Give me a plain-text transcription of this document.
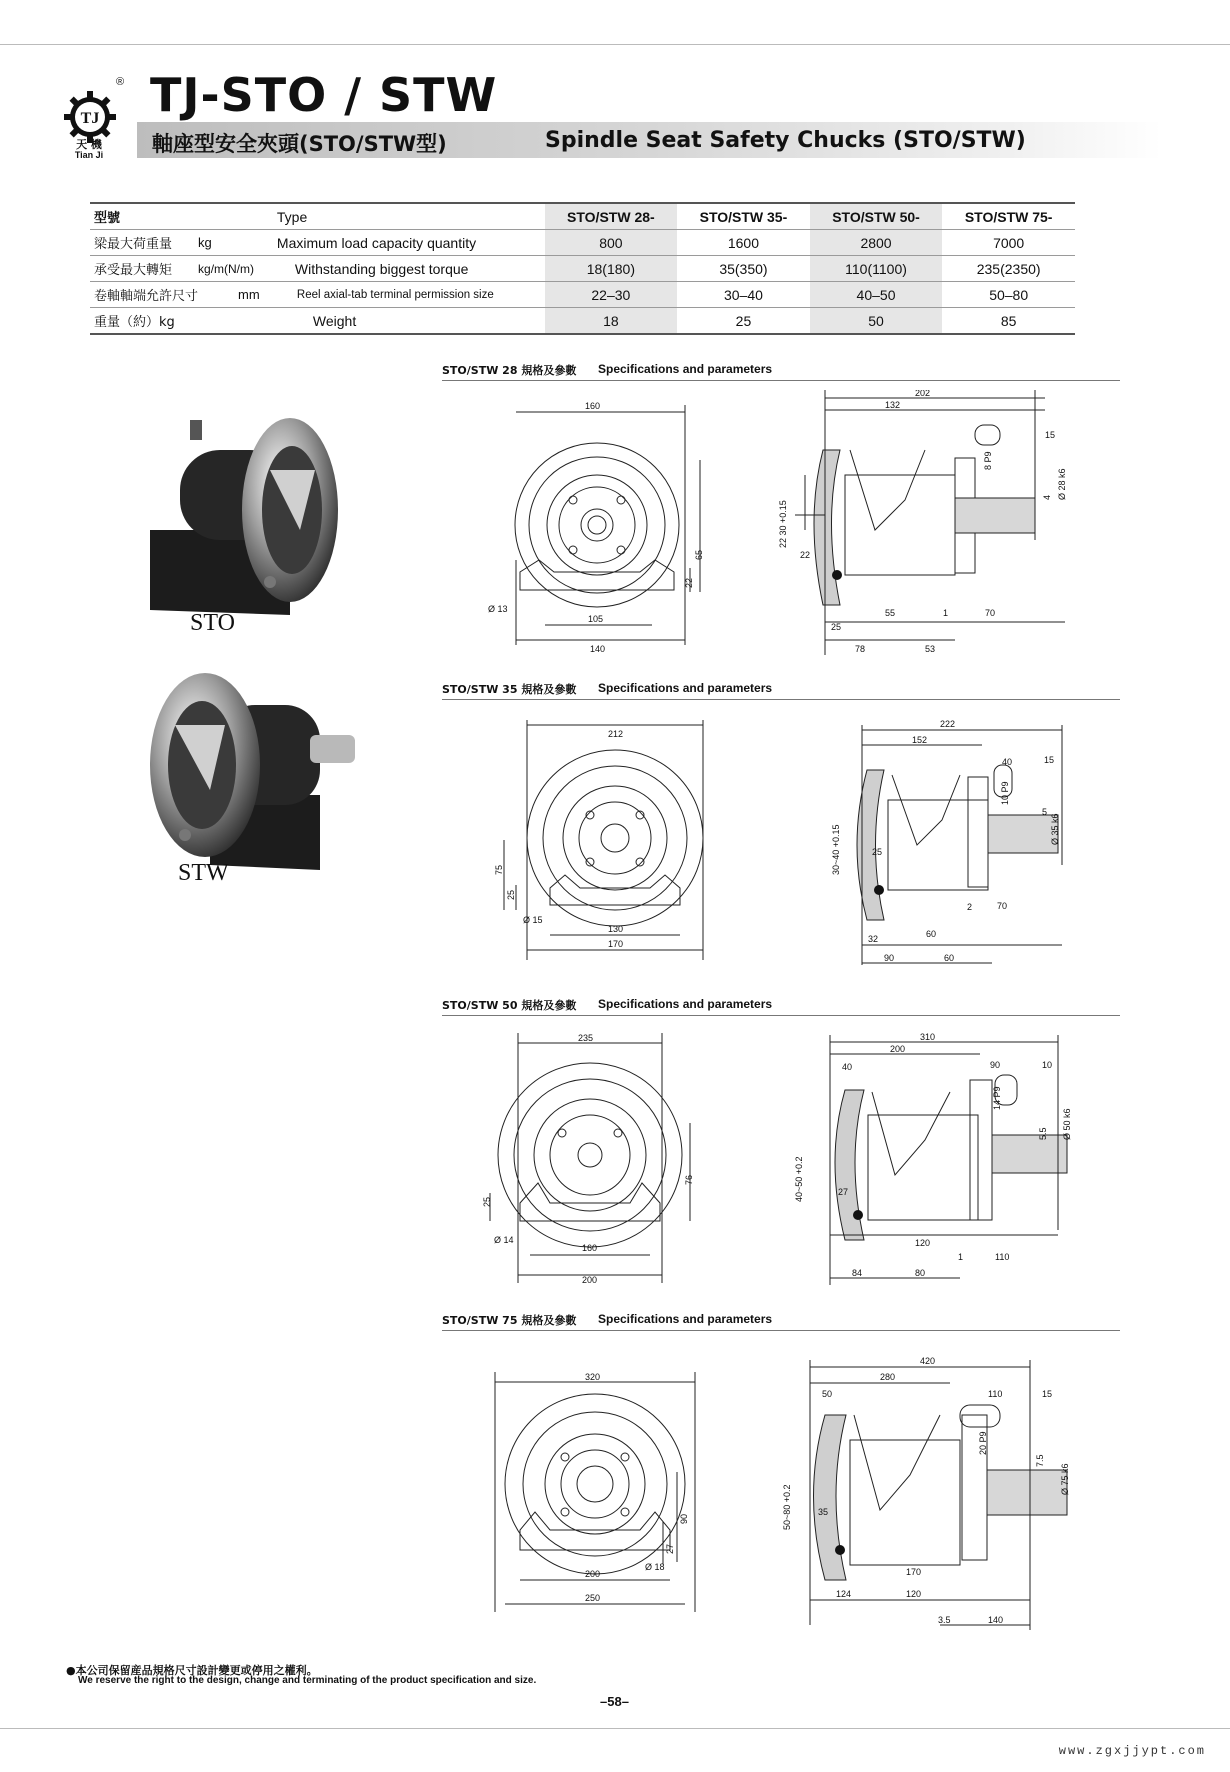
TJ
®
天 機
Tian Ji
TJ-STO / STW
軸座型安全夾頭(STO/STW型)	Spindle Seat Safety Chucks (STO/STW)
型號		Type	STO/STW 28-	STO/STW 35-	STO/STW 50-	STO/STW 75-
梁最大荷重量	kg	Maximum load capacity quantity	800	1600	2800	7000
承受最大轉矩	kg/m(N/m)	Withstanding biggest torque	18(180)	35(350)	110(1100)	235(2350)
卷軸軸端允許尺寸	mm	Reel axial-tab terminal permission size	22–30	30–40	40–50	50–80
重量（約）kg		Weight	18	25	50	85
STO
STW
STO/STW 28 規格及參數 Specifications and parameters
160
65
22
Ø 13
105
140
202
132
15
8 P9
4 Ø 28 k6
22 30 +0.15
22
25
55	1	70
78	53
STO/STW 35 規格及參數 Specifications and parameters
212
75
25
Ø 15
130
170
222
152
40	15
10 P9
5
Ø 35 k6
30~40 +0.15	25
2	70
32	60
90	60
STO/STW 50 規格及參數 Specifications and parameters
235
25
76
Ø 14
160
200
310
200
40	90	10
14 P9
5.5 Ø 50 k6
40~50 +0.2	27
120
1	110
84	80
STO/STW 75 規格及參數 Specifications and parameters
320
90
27
Ø 18
200
250
420
280
50	110	15
20 P9
7.5
Ø 75 k6
50~80 +0.2	35
170
124	120
3.5	140
●本公司保留産品規格尺寸設計變更或停用之權利。
We reserve the right to the design, change and terminating of the product specification and size.
–58–
www.zgxjjypt.com
